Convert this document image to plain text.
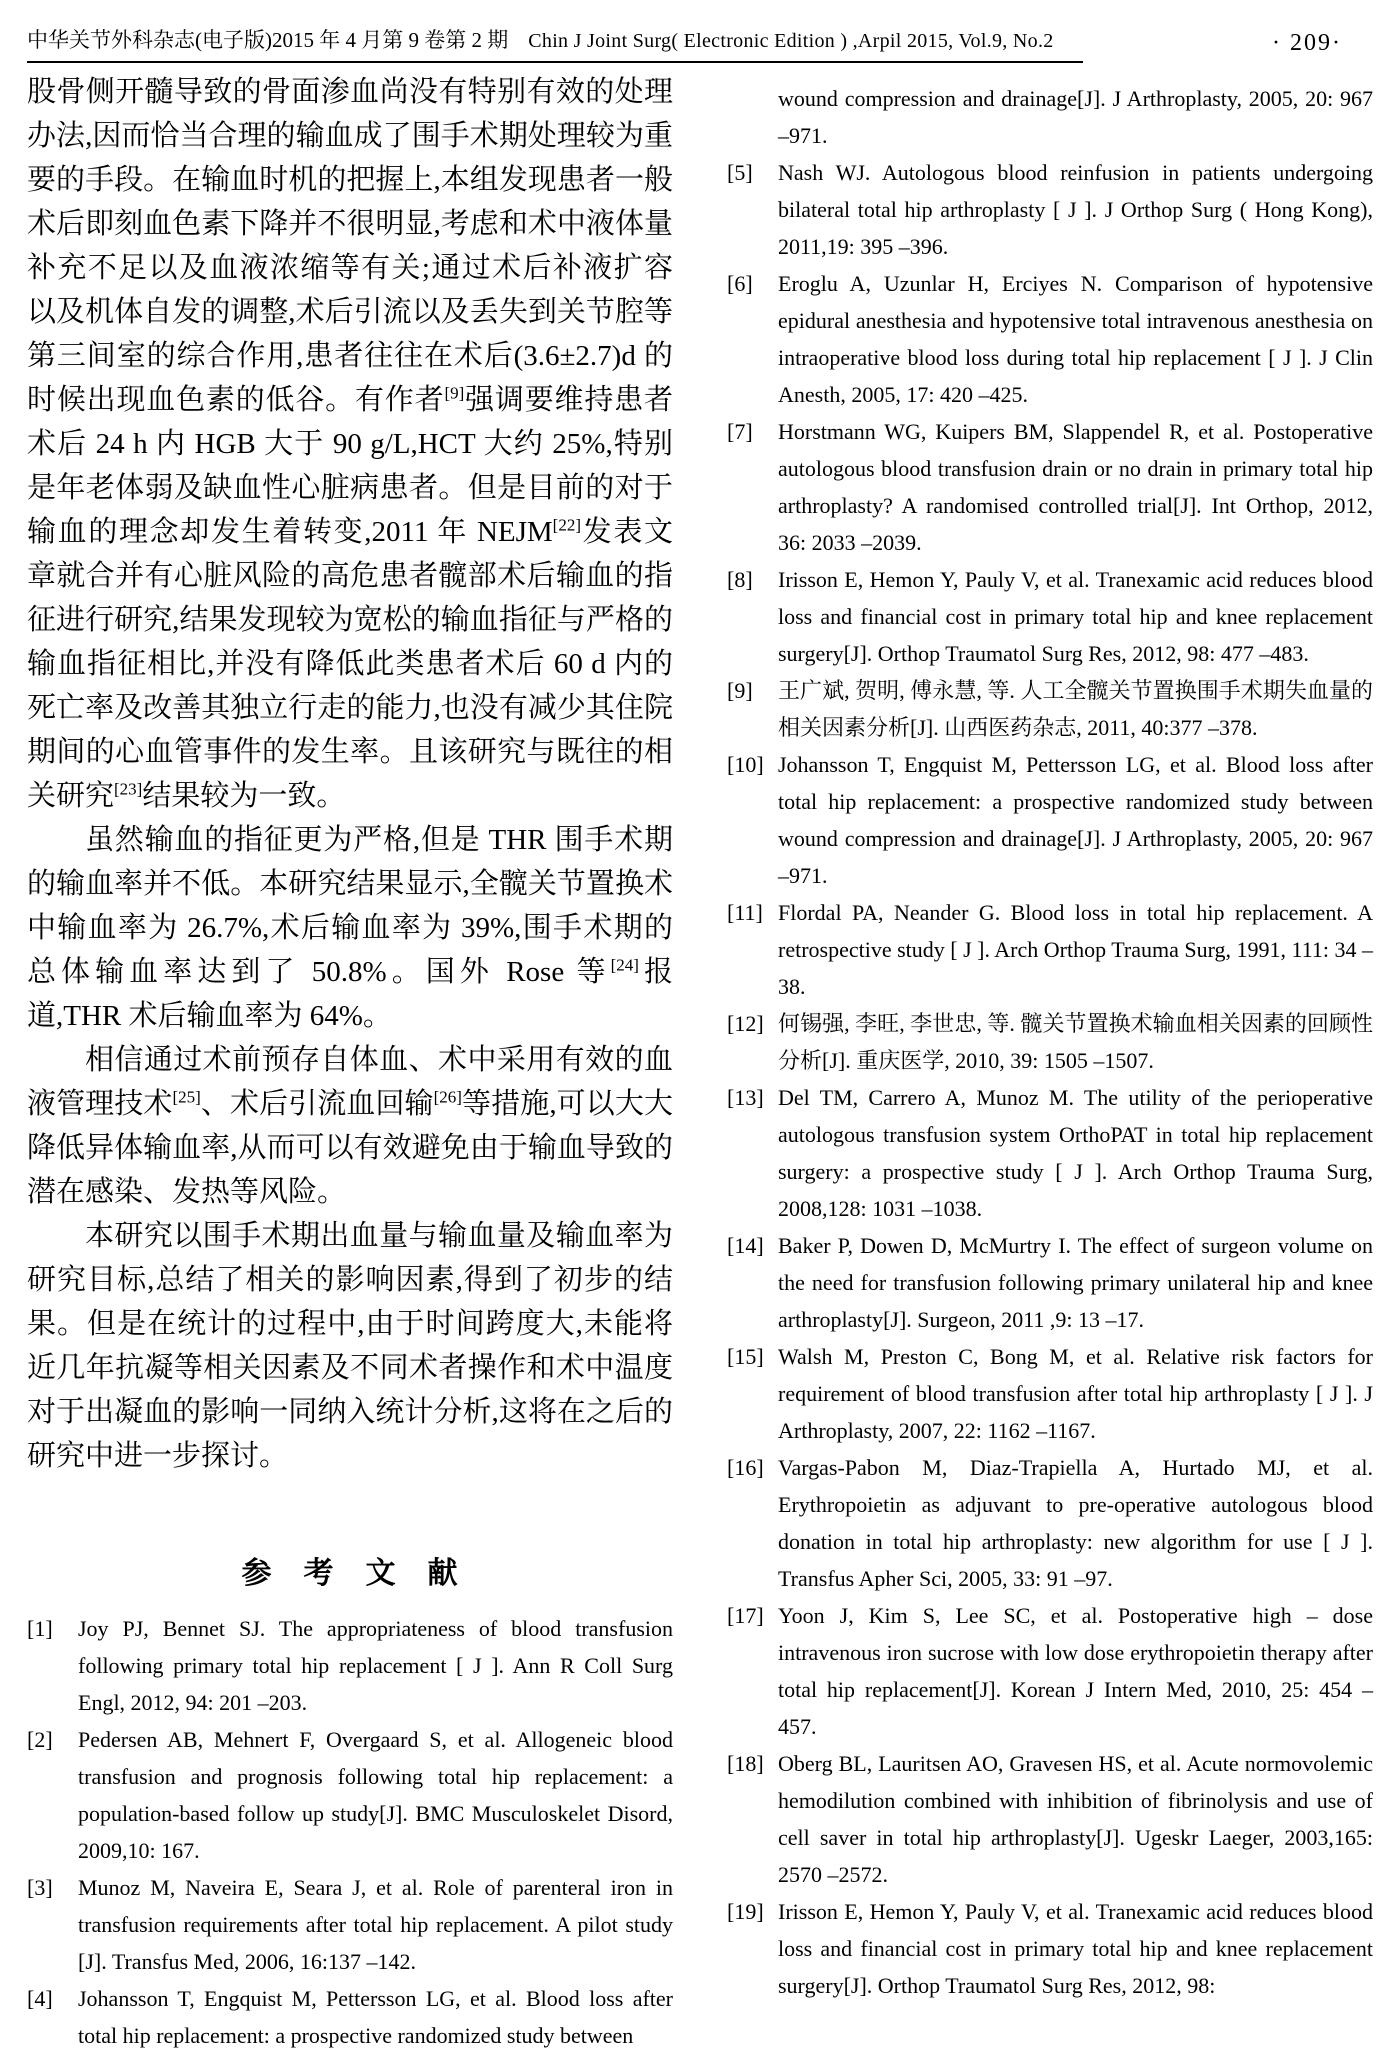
中华关节外科杂志(电子版)2015 年 4 月第 9 卷第 2 期 Chin J Joint Surg( Electronic Edition ) ,Arpil 2015, Vol.9, No.2	· 209·

股骨侧开髓导致的骨面渗血尚没有特别有效的处理办法,因而恰当合理的输血成了围手术期处理较为重要的手段。在输血时机的把握上,本组发现患者一般术后即刻血色素下降并不很明显,考虑和术中液体量补充不足以及血液浓缩等有关;通过术后补液扩容以及机体自发的调整,术后引流以及丢失到关节腔等第三间室的综合作用,患者往往在术后(3.6±2.7)d 的时候出现血色素的低谷。有作者[9]强调要维持患者术后 24 h 内 HGB 大于 90 g/L,HCT 大约 25%,特别是年老体弱及缺血性心脏病患者。但是目前的对于输血的理念却发生着转变,2011 年 NEJM[22]发表文章就合并有心脏风险的高危患者髋部术后输血的指征进行研究,结果发现较为宽松的输血指征与严格的输血指征相比,并没有降低此类患者术后 60 d 内的死亡率及改善其独立行走的能力,也没有减少其住院期间的心血管事件的发生率。且该研究与既往的相关研究[23]结果较为一致。

虽然输血的指征更为严格,但是 THR 围手术期的输血率并不低。本研究结果显示,全髋关节置换术中输血率为 26.7%,术后输血率为 39%,围手术期的总体输血率达到了 50.8%。国外 Rose 等[24]报道,THR 术后输血率为 64%。

相信通过术前预存自体血、术中采用有效的血液管理技术[25]、术后引流血回输[26]等措施,可以大大降低异体输血率,从而可以有效避免由于输血导致的潜在感染、发热等风险。

本研究以围手术期出血量与输血量及输血率为研究目标,总结了相关的影响因素,得到了初步的结果。但是在统计的过程中,由于时间跨度大,未能将近几年抗凝等相关因素及不同术者操作和术中温度对于出凝血的影响一同纳入统计分析,这将在之后的研究中进一步探讨。

参　考　文　献
[1]	Joy PJ, Bennet SJ. The appropriateness of blood transfusion following primary total hip replacement [ J ]. Ann R Coll Surg Engl, 2012, 94: 201 –203.
[2]	Pedersen AB, Mehnert F, Overgaard S, et al. Allogeneic blood transfusion and prognosis following total hip replacement: a population-based follow up study[J]. BMC Musculoskelet Disord, 2009,10: 167.
[3]	Munoz M, Naveira E, Seara J, et al. Role of parenteral iron in transfusion requirements after total hip replacement. A pilot study [J]. Transfus Med, 2006, 16:137 –142.
[4]	Johansson T, Engquist M, Pettersson LG, et al. Blood loss after total hip replacement: a prospective randomized study between
wound compression and drainage[J]. J Arthroplasty, 2005, 20: 967 –971.
[5]	Nash WJ. Autologous blood reinfusion in patients undergoing bilateral total hip arthroplasty [ J ]. J Orthop Surg ( Hong Kong), 2011,19: 395 –396.
[6]	Eroglu A, Uzunlar H, Erciyes N. Comparison of hypotensive epidural anesthesia and hypotensive total intravenous anesthesia on intraoperative blood loss during total hip replacement [ J ]. J Clin Anesth, 2005, 17: 420 –425.
[7]	Horstmann WG, Kuipers BM, Slappendel R, et al. Postoperative autologous blood transfusion drain or no drain in primary total hip arthroplasty? A randomised controlled trial[J]. Int Orthop, 2012, 36: 2033 –2039.
[8]	Irisson E, Hemon Y, Pauly V, et al. Tranexamic acid reduces blood loss and financial cost in primary total hip and knee replacement surgery[J]. Orthop Traumatol Surg Res, 2012, 98: 477 –483.
[9]	王广斌, 贺明, 傅永慧, 等. 人工全髋关节置换围手术期失血量的相关因素分析[J]. 山西医药杂志, 2011, 40:377 –378.
[10] Johansson T, Engquist M, Pettersson LG, et al. Blood loss after total hip replacement: a prospective randomized study between wound compression and drainage[J]. J Arthroplasty, 2005, 20: 967 –971.
[11] Flordal PA, Neander G. Blood loss in total hip replacement. A retrospective study [ J ]. Arch Orthop Trauma Surg, 1991, 111: 34 –38.
[12] 何锡强, 李旺, 李世忠, 等. 髋关节置换术输血相关因素的回顾性分析[J]. 重庆医学, 2010, 39: 1505 –1507.
[13] Del TM, Carrero A, Munoz M. The utility of the perioperative autologous transfusion system OrthoPAT in total hip replacement surgery: a prospective study [ J ]. Arch Orthop Trauma Surg, 2008,128: 1031 –1038.
[14] Baker P, Dowen D, McMurtry I. The effect of surgeon volume on the need for transfusion following primary unilateral hip and knee arthroplasty[J]. Surgeon, 2011 ,9: 13 –17.
[15] Walsh M, Preston C, Bong M, et al. Relative risk factors for requirement of blood transfusion after total hip arthroplasty [ J ]. J Arthroplasty, 2007, 22: 1162 –1167.
[16] Vargas-Pabon M, Diaz-Trapiella A, Hurtado MJ, et al. Erythropoietin as adjuvant to pre-operative autologous blood donation in total hip arthroplasty: new algorithm for use [ J ]. Transfus Apher Sci, 2005, 33: 91 –97.
[17] Yoon J, Kim S, Lee SC, et al. Postoperative high – dose intravenous iron sucrose with low dose erythropoietin therapy after total hip replacement[J]. Korean J Intern Med, 2010, 25: 454 – 457.
[18] Oberg BL, Lauritsen AO, Gravesen HS, et al. Acute normovolemic hemodilution combined with inhibition of fibrinolysis and use of cell saver in total hip arthroplasty[J]. Ugeskr Laeger, 2003,165: 2570 –2572.
[19] Irisson E, Hemon Y, Pauly V, et al. Tranexamic acid reduces blood loss and financial cost in primary total hip and knee replacement surgery[J]. Orthop Traumatol Surg Res, 2012, 98:
